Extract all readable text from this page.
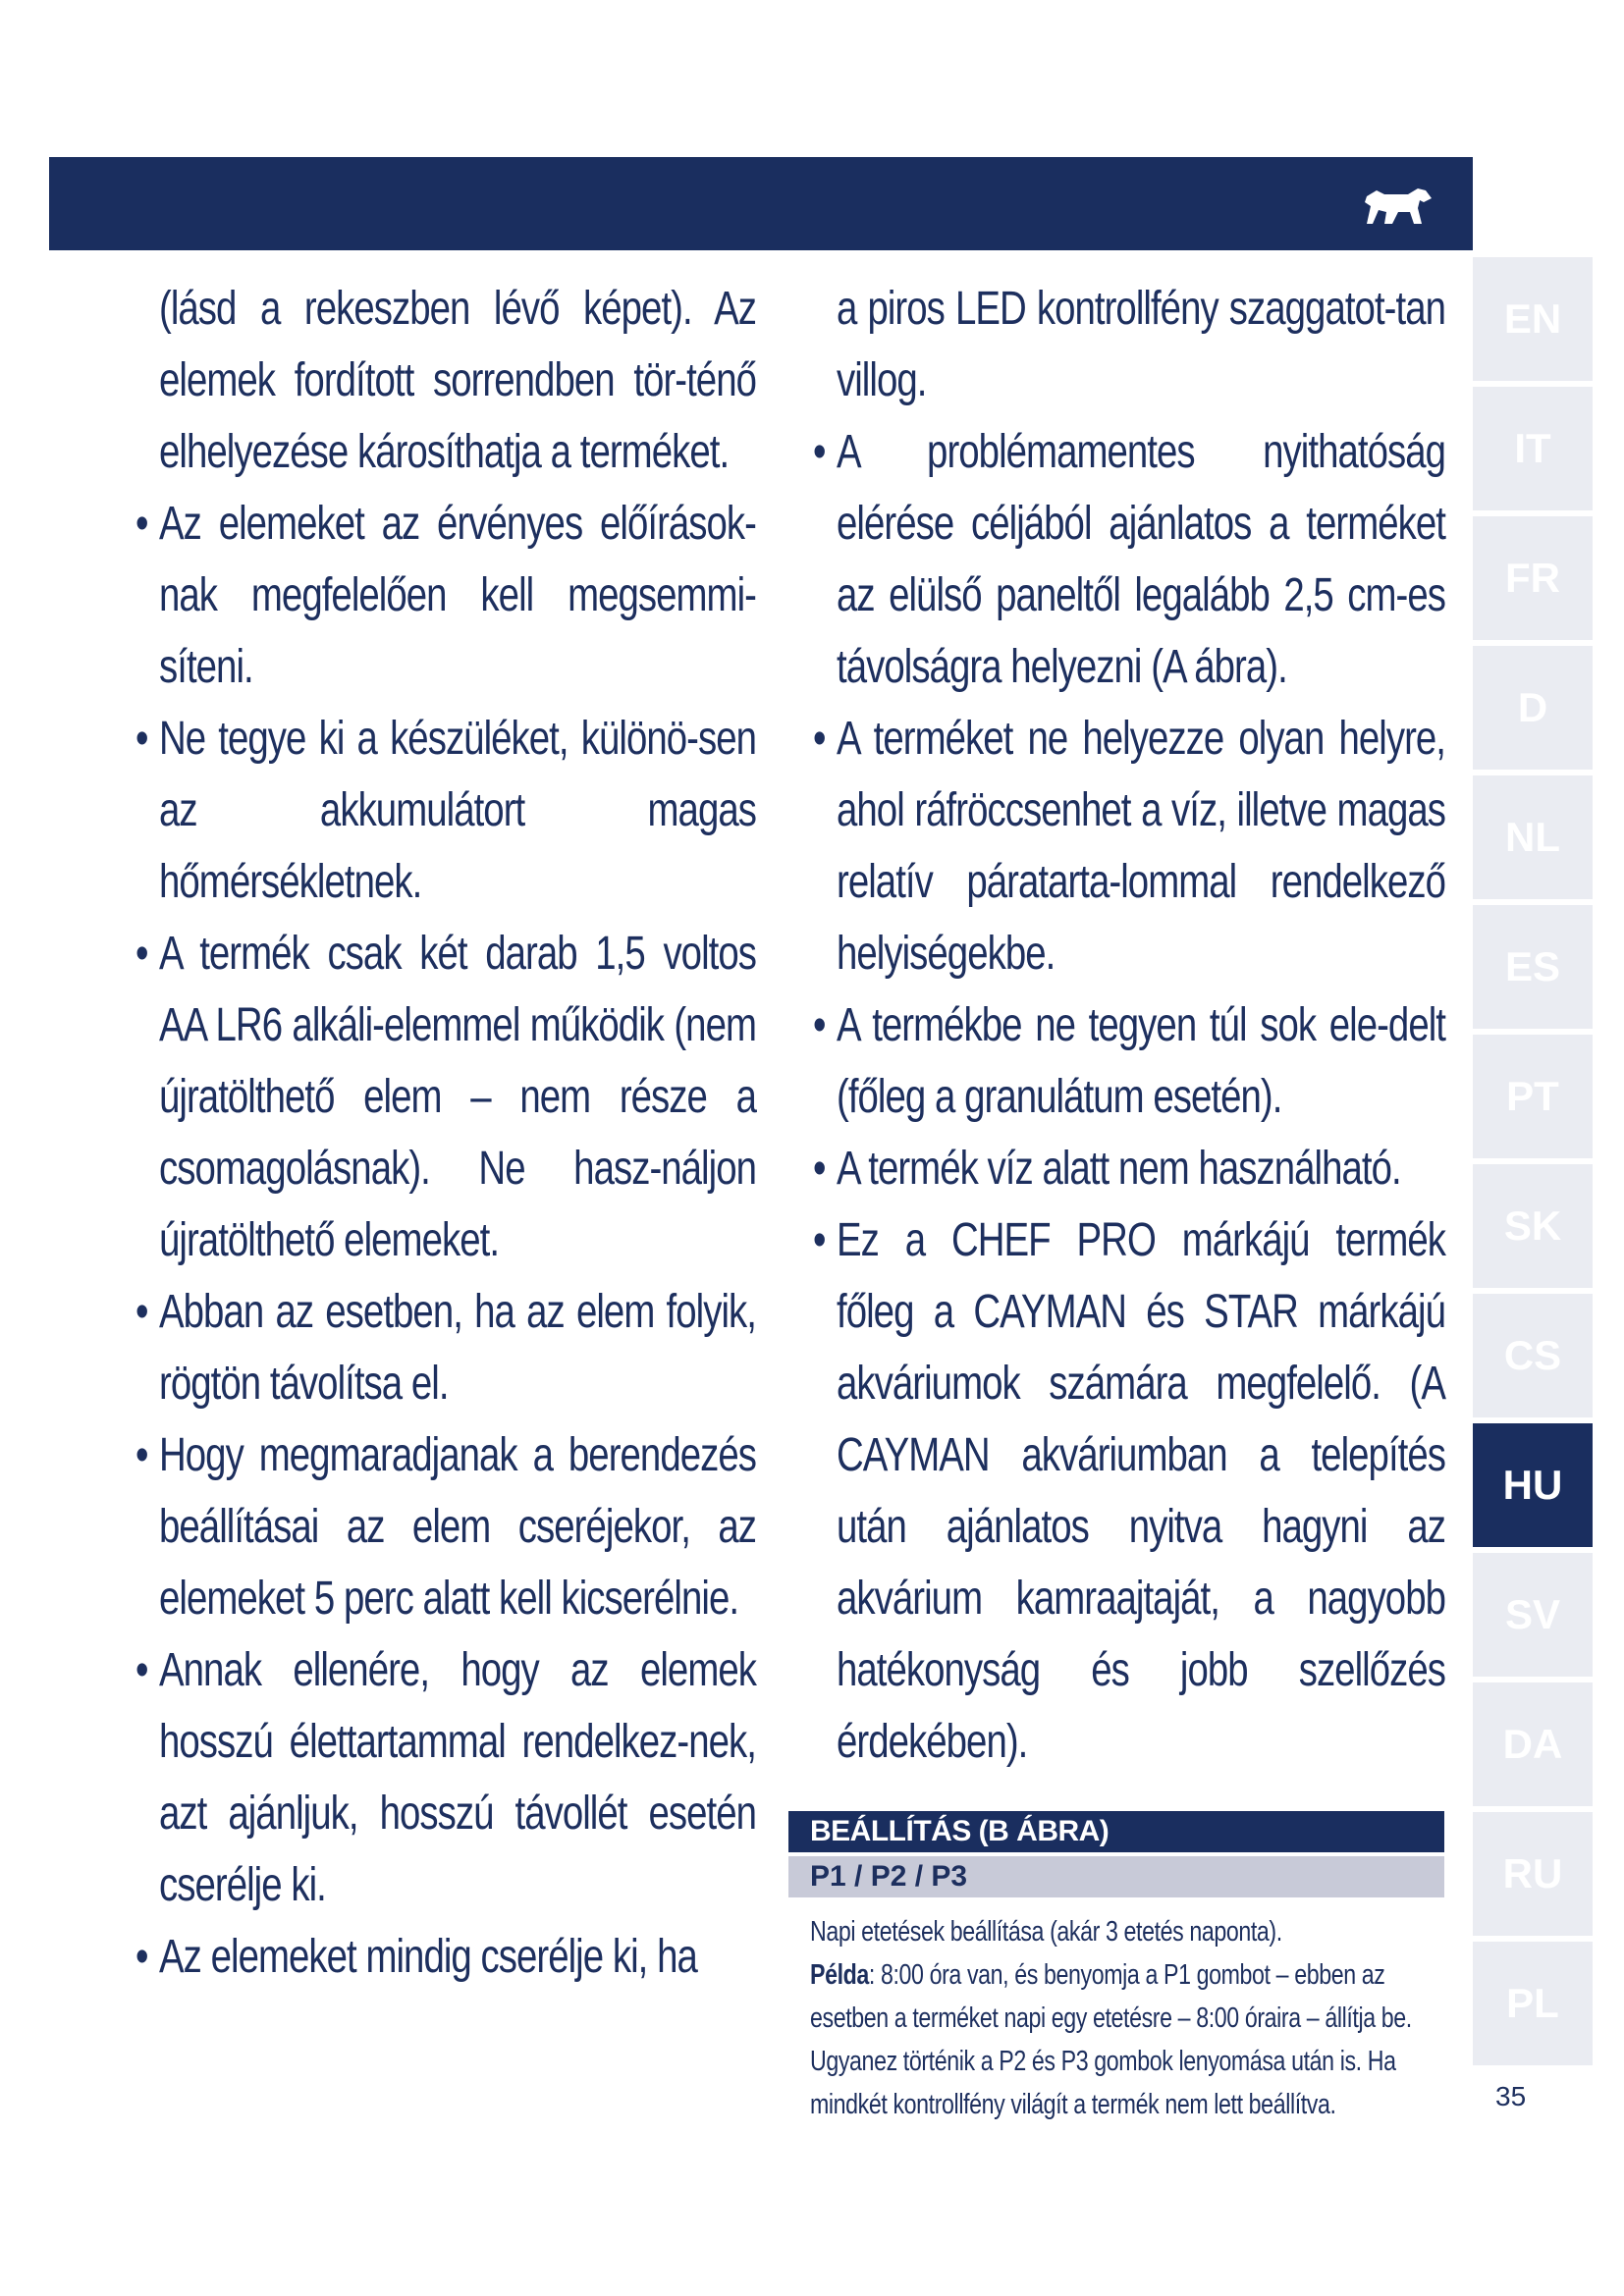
(lásd a rekeszben lévő képet). Az elemek fordított sorrendben tör-ténő elhelyezése károsíthatja a terméket.

• Az elemeket az érvényes előírások-nak megfelelően kell megsemmi-síteni.
• Ne tegye ki a készüléket, különö-sen az akkumulátort magas hőmérsékletnek.
• A termék csak két darab 1,5 voltos AA LR6 alkáli-elemmel működik (nem újratölthető elem – nem része a csomagolásnak). Ne hasz-náljon újratölthető elemeket.
• Abban az esetben, ha az elem folyik, rögtön távolítsa el.
• Hogy megmaradjanak a berendezés beállításai az elem cseréjekor, az elemeket 5 perc alatt kell kicserélnie.
• Annak ellenére, hogy az elemek hosszú élettartammal rendelkez-nek, azt ajánljuk, hosszú távollét esetén cserélje ki.
• Az elemeket mindig cserélje ki, ha

a piros LED kontrollfény szaggatot-tan villog.

• A problémamentes nyithatóság elérése céljából ajánlatos a terméket az elülső paneltől legalább 2,5 cm-es távolságra helyezni (A ábra).
• A terméket ne helyezze olyan helyre, ahol ráfröccsenhet a víz, illetve magas relatív páratarta-lommal rendelkező helyiségekbe.
• A termékbe ne tegyen túl sok ele-delt (főleg a granulátum esetén).
• A termék víz alatt nem használható.
• Ez a CHEF PRO márkájú termék főleg a CAYMAN és STAR márkájú akváriumok számára megfelelő. (A CAYMAN akváriumban a telepítés után ajánlatos nyitva hagyni az akvárium kamraajtaját, a nagyobb hatékonyság és jobb szellőzés érdekében).
BEÁLLÍTÁS (B ÁBRA)
P1 / P2 / P3

Napi etetések beállítása (akár 3 etetés naponta).

Példa: 8:00 óra van, és benyomja a P1 gombot – ebben az esetben a terméket napi egy etetésre – 8:00 óraira – állítja be. Ugyanez történik a P2 és P3 gombok lenyomása után is. Ha mindkét kontrollfény világít a termék nem lett beállítva.

EN
IT
FR
D
NL
ES
PT
SK
CS
HU
SV
DA
RU
PL
35
